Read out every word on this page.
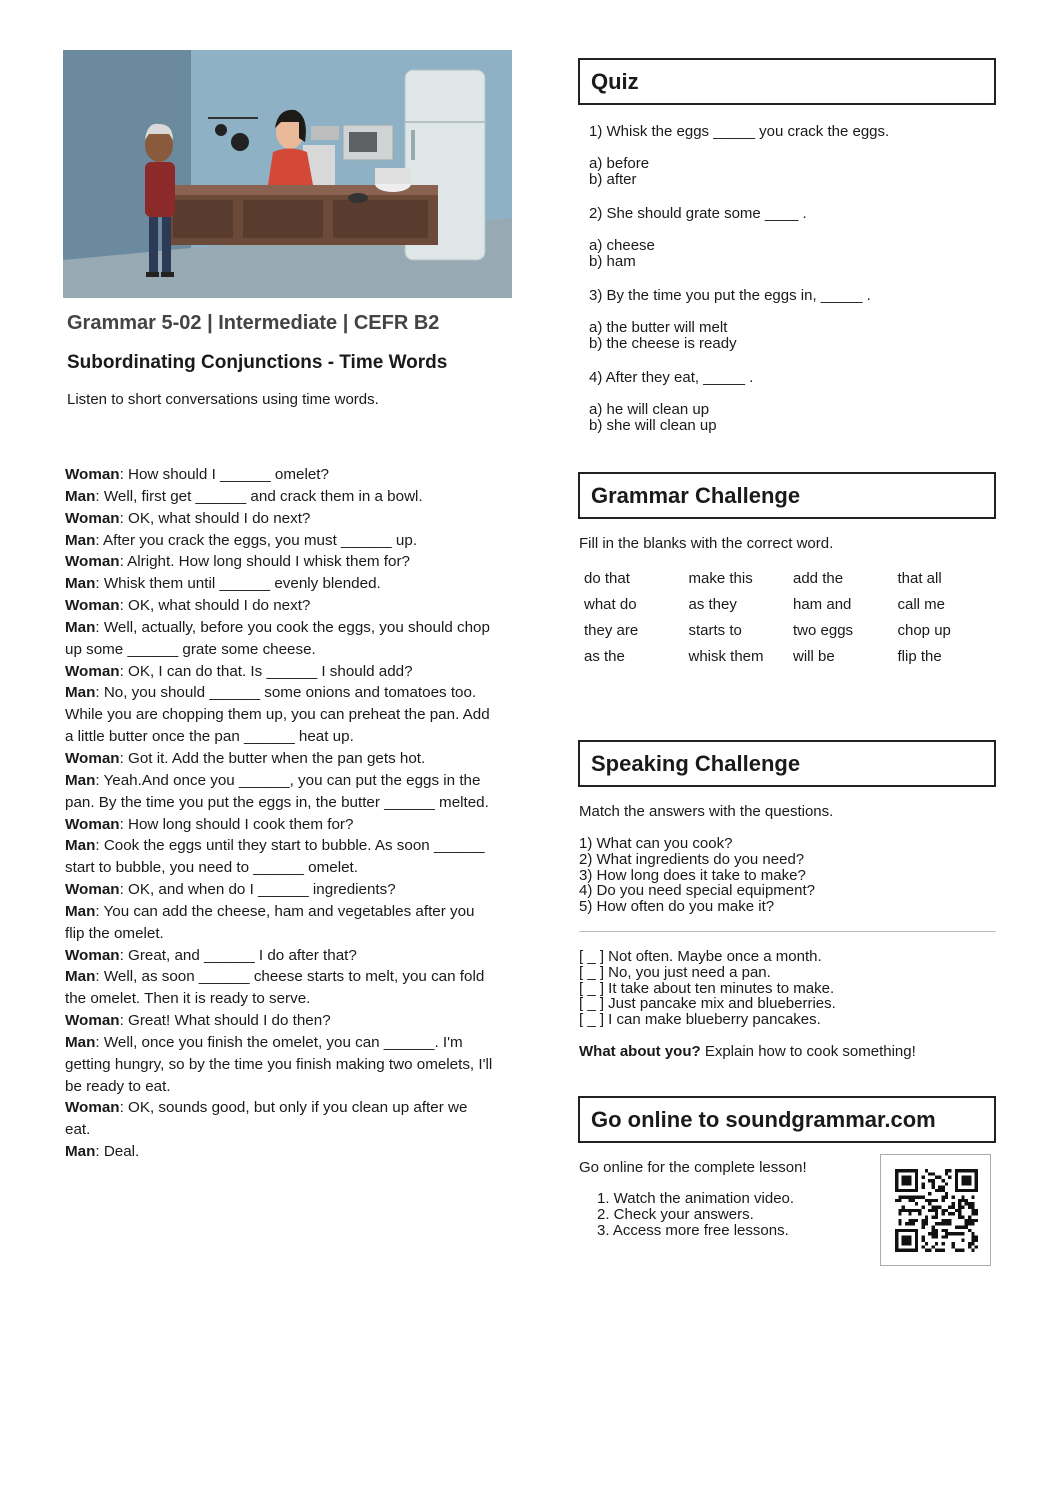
Grammar 5-02 | Intermediate | CEFR B2
Subordinating Conjunctions - Time Words
Listen to short conversations using time words.
Woman: How should I ______ omelet?
Man: Well, first get ______ and crack them in a bowl.
Woman: OK, what should I do next?
Man: After you crack the eggs, you must ______ up.
Woman: Alright. How long should I whisk them for?
Man: Whisk them until ______ evenly blended.
Woman: OK, what should I do next?
Man: Well, actually, before you cook the eggs, you should chop
up some ______ grate some cheese.
Woman: OK, I can do that. Is ______ I should add?
Man: No, you should ______ some onions and tomatoes too.
While you are chopping them up, you can preheat the pan. Add
a little butter once the pan ______ heat up.
Woman: Got it. Add the butter when the pan gets hot.
Man: Yeah.And once you ______, you can put the eggs in the
pan. By the time you put the eggs in, the butter ______ melted.
Woman: How long should I cook them for?
Man: Cook the eggs until they start to bubble. As soon ______
start to bubble, you need to ______ omelet.
Woman: OK, and when do I ______ ingredients?
Man: You can add the cheese, ham and vegetables after you
flip the omelet.
Woman: Great, and ______ I do after that?
Man: Well, as soon ______ cheese starts to melt, you can fold
the omelet. Then it is ready to serve.
Woman: Great! What should I do then?
Man: Well, once you finish the omelet, you can ______. I'm
getting hungry, so by the time you finish making two omelets, I'll
be ready to eat.
Woman: OK, sounds good, but only if you clean up after we
eat.
Man: Deal.
Quiz
1) Whisk the eggs _____ you crack the eggs.
a) before
b) after
2) She should grate some ____ .
a) cheese
b) ham
3) By the time you put the eggs in, _____ .
a) the butter will melt
b) the cheese is ready
4) After they eat, _____ .
a) he will clean up
b) she will clean up
Grammar Challenge
Fill in the blanks with the correct word.
do that	make this	add the	that all
what do	as they	ham and	call me
they are	starts to	two eggs	chop up
as the	whisk them	will be	flip the
Speaking Challenge
Match the answers with the questions.
1) What can you cook?
2) What ingredients do you need?
3) How long does it take to make?
4) Do you need special equipment?
5) How often do you make it?
[ _ ] Not often. Maybe once a month.
[ _ ] No, you just need a pan.
[ _ ] It take about ten minutes to make.
[ _ ] Just pancake mix and blueberries.
[ _ ] I can make blueberry pancakes.
What about you? Explain how to cook something!
Go online to soundgrammar.com
Go online for the complete lesson!
1. Watch the animation video.
2. Check your answers.
3. Access more free lessons.
